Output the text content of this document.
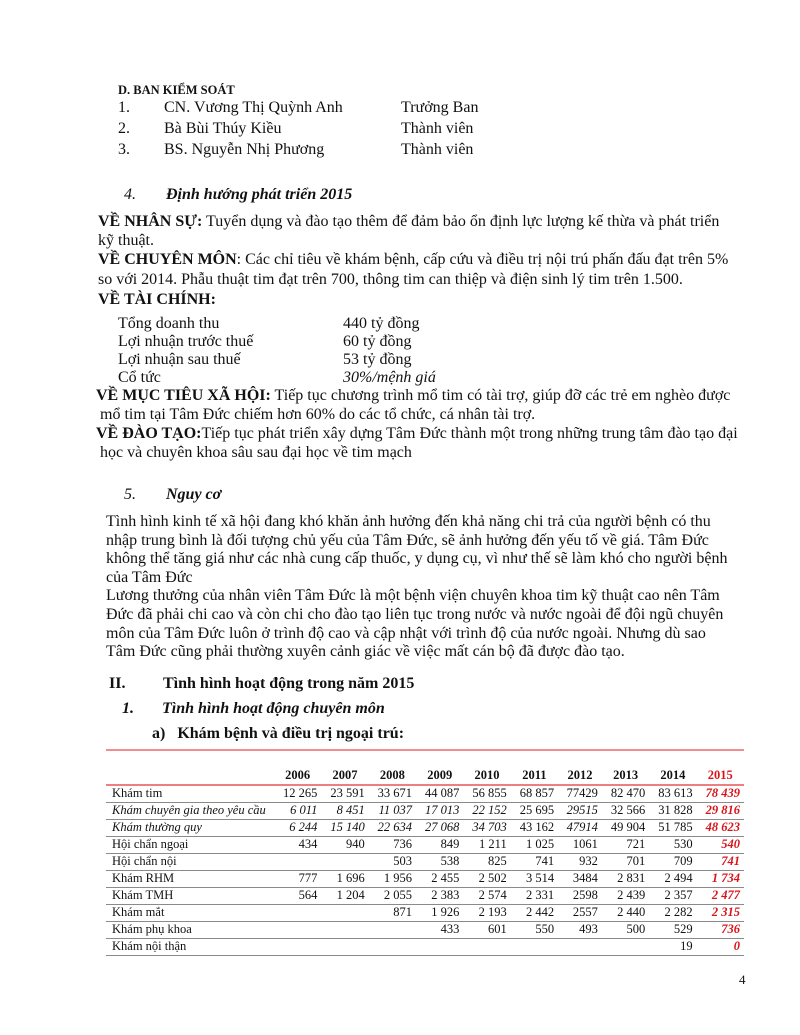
D. BAN KIỂM SOÁT
1. CN. Vương Thị Quỳnh Anh	Trưởng Ban
2. Bà Bùi Thúy Kiều	Thành viên
3. BS. Nguyễn Nhị Phương	Thành viên
4. Định hướng phát triển 2015
VỀ NHÂN SỰ: Tuyển dụng và đào tạo thêm để đảm bảo ổn định lực lượng kế thừa và phát triển
kỹ thuật.
VỀ CHUYÊN MÔN: Các chỉ tiêu về khám bệnh, cấp cứu và điều trị nội trú phấn đấu đạt trên 5%
so với 2014. Phẫu thuật tim đạt trên 700, thông tim can thiệp và điện sinh lý tim trên 1.500.
VỀ TÀI CHÍNH:
Tổng doanh thu	440 tỷ đồng
Lợi nhuận trước thuế	60 tỷ đồng
Lợi nhuận sau thuế	53 tỷ đồng
Cổ tức	30%/mệnh giá
VỀ MỤC TIÊU XÃ HỘI: Tiếp tục chương trình mổ tim có tài trợ, giúp đỡ các trẻ em nghèo được
mổ tim tại Tâm Đức chiếm hơn 60% do các tổ chức, cá nhân tài trợ.
VỀ ĐÀO TẠO:Tiếp tục phát triển xây dựng Tâm Đức thành một trong những trung tâm đào tạo đại
học và chuyên khoa sâu sau đại học về tim mạch
5. Nguy cơ
Tình hình kinh tế xã hội đang khó khăn ảnh hưởng đến khả năng chi trả của người bệnh có thu
nhập trung bình là đối tượng chủ yếu của Tâm Đức, sẽ ảnh hưởng đến yếu tố về giá. Tâm Đức
không thể tăng giá như các nhà cung cấp thuốc, y dụng cụ, vì như thế sẽ làm khó cho người bệnh
của Tâm Đức
Lương thưởng của nhân viên Tâm Đức là một bệnh viện chuyên khoa tim kỹ thuật cao nên Tâm
Đức đã phải chi cao và còn chi cho đào tạo liên tục trong nước và nước ngoài để đội ngũ chuyên
môn của Tâm Đức luôn ở trình độ cao và cập nhật với trình độ của nước ngoài. Nhưng dù sao
Tâm Đức cũng phải thường xuyên cảnh giác về việc mất cán bộ đã được đào tạo.
II. Tình hình hoạt động trong năm 2015
1. Tình hình hoạt động chuyên môn
a)   Khám bệnh và điều trị ngoại trú:
	2006	2007	2008	2009	2010	2011	2012	2013	2014	2015
Khám tim	12 265	23 591	33 671	44 087	56 855	68 857	77429	82 470	83 613	78 439
Khám chuyên gia theo yêu cầu	6 011	8 451	11 037	17 013	22 152	25 695	29515	32 566	31 828	29 816
Khám thường quy	6 244	15 140	22 634	27 068	34 703	43 162	47914	49 904	51 785	48 623
Hội chẩn ngoại	434	940	736	849	1 211	1 025	1061	721	530	540
Hội chẩn nội			503	538	825	741	932	701	709	741
Khám RHM	777	1 696	1 956	2 455	2 502	3 514	3484	2 831	2 494	1 734
Khám TMH	564	1 204	2 055	2 383	2 574	2 331	2598	2 439	2 357	2 477
Khám mắt			871	1 926	2 193	2 442	2557	2 440	2 282	2 315
Khám phụ khoa				433	601	550	493	500	529	736
Khám nội thận									19	0
4
